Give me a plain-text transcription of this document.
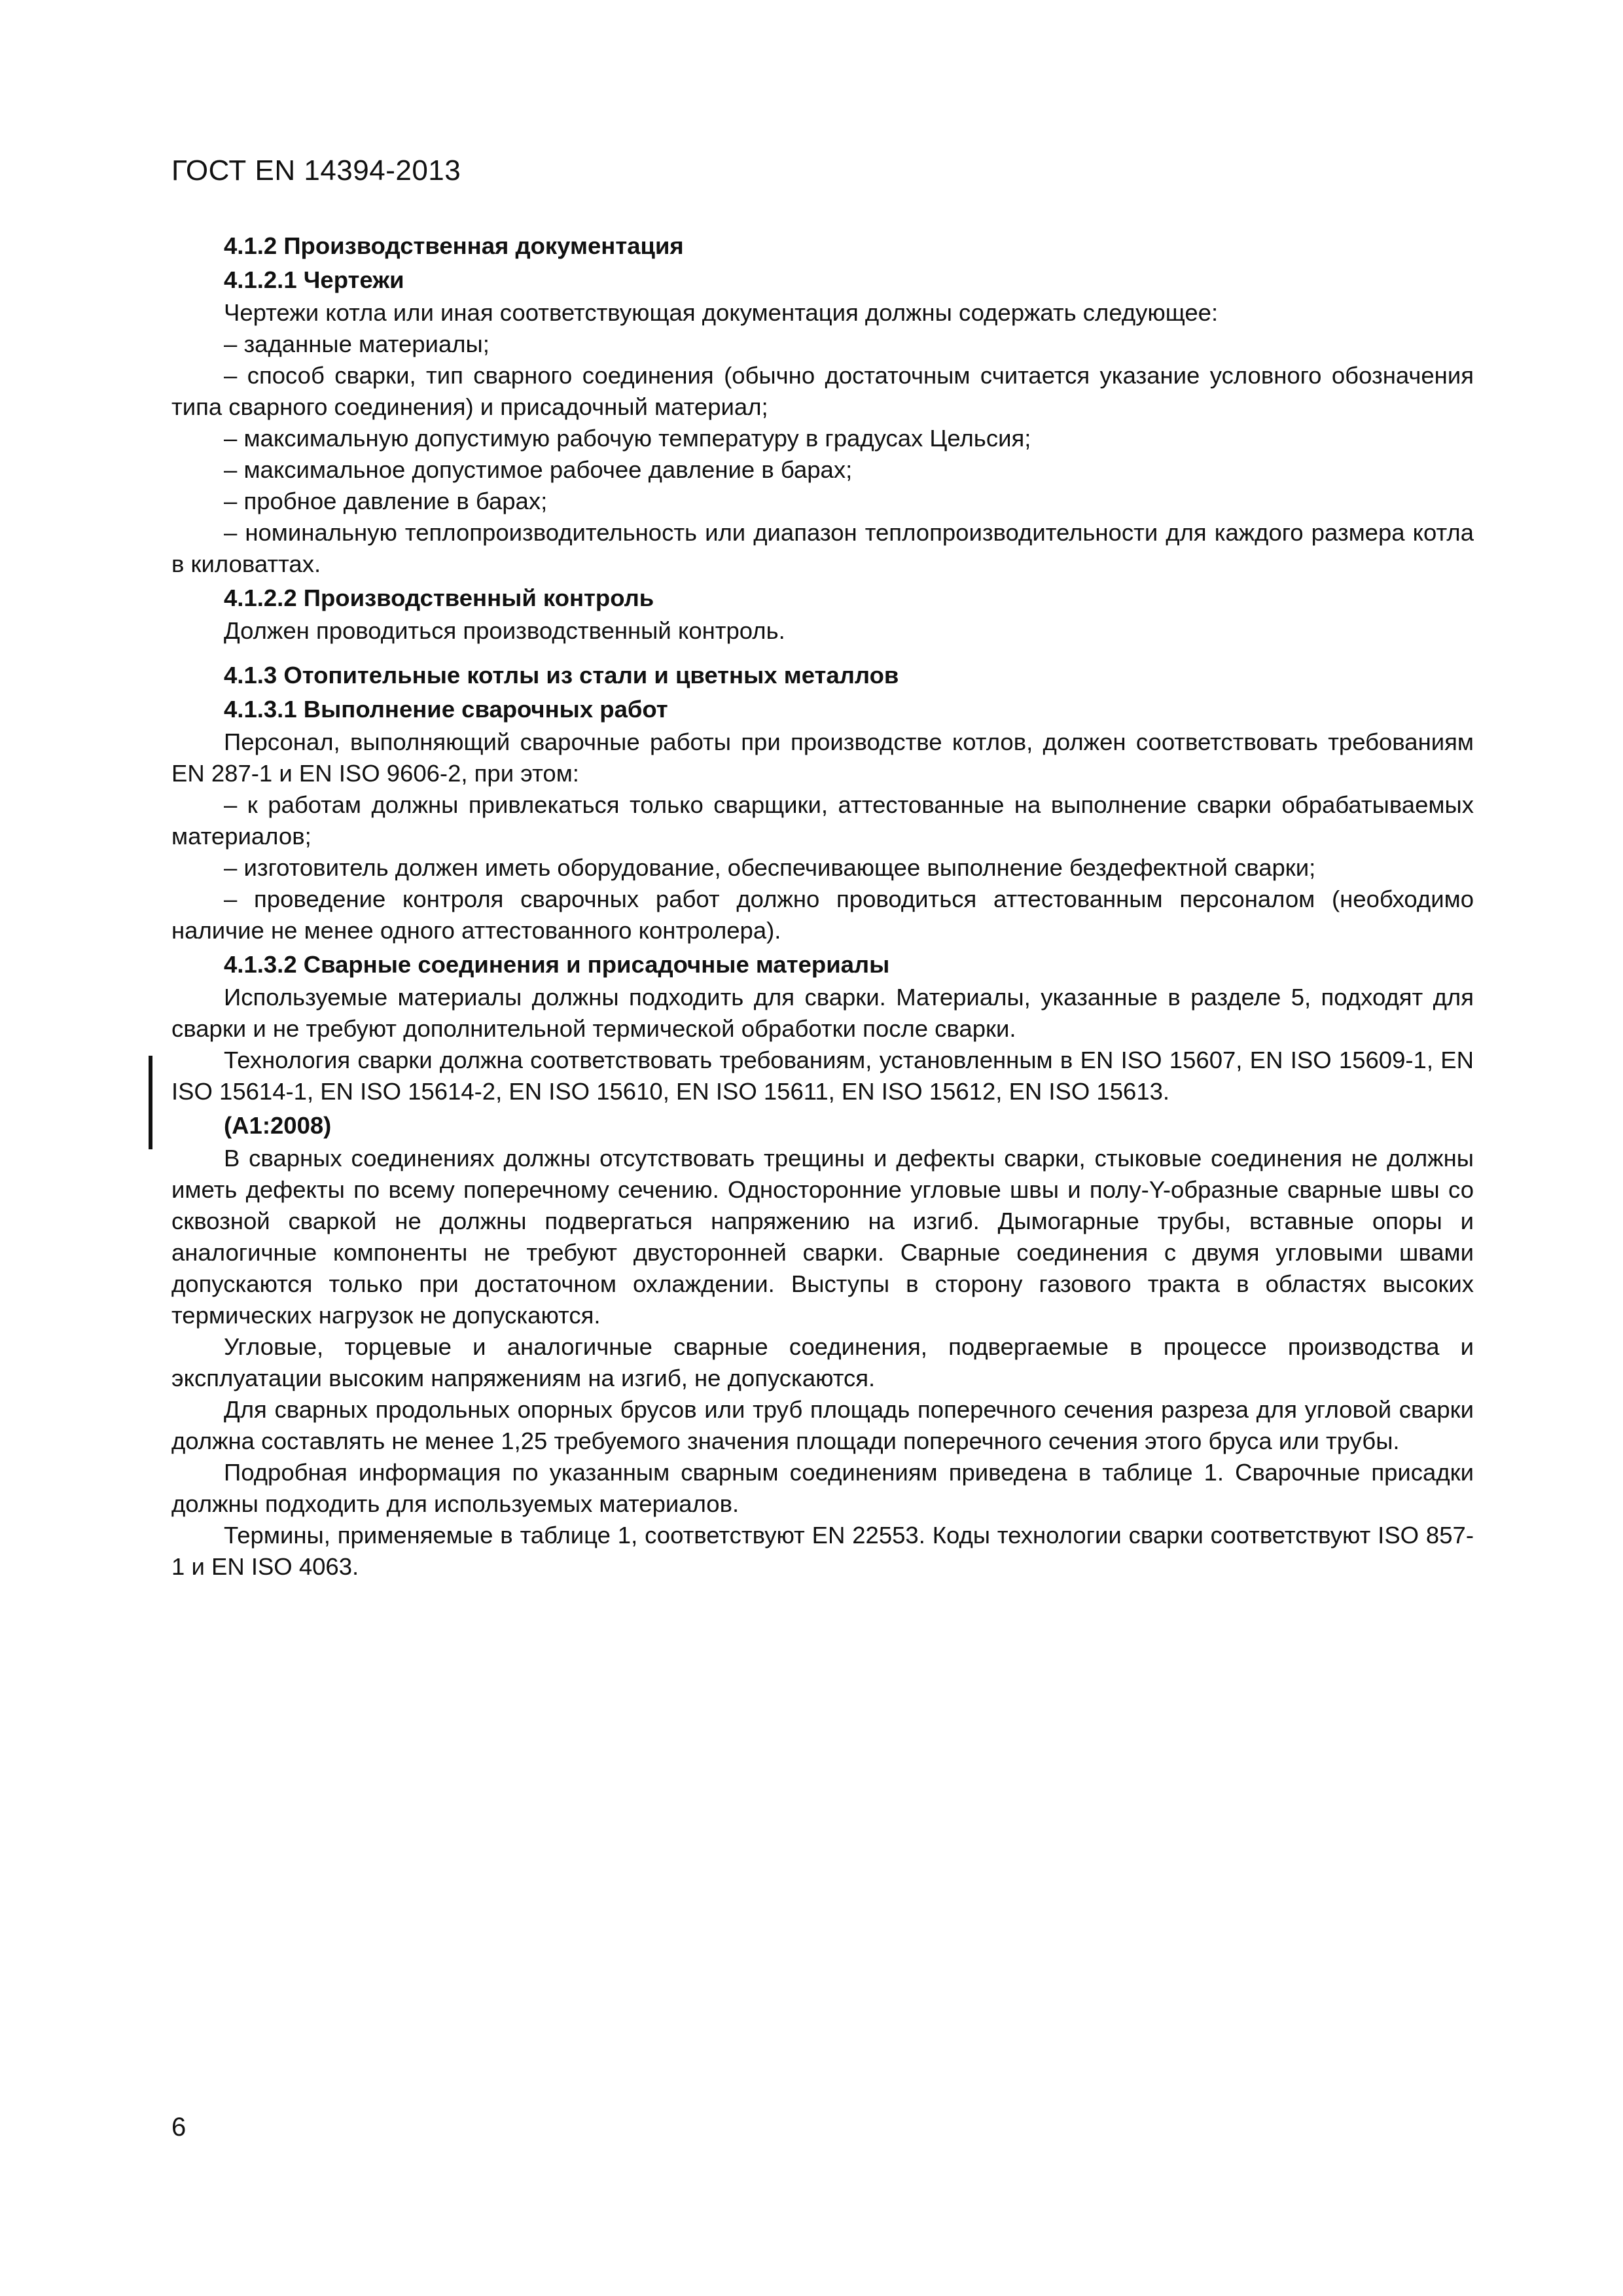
ГОСТ EN 14394-2013

4.1.2 Производственная документация

4.1.2.1 Чертежи

Чертежи котла или иная соответствующая документация должны содержать следующее:

– заданные материалы;

– способ сварки, тип сварного соединения (обычно достаточным считается указание условного обозначения типа сварного соединения) и присадочный материал;

– максимальную допустимую рабочую температуру в градусах Цельсия;

– максимальное допустимое рабочее давление в барах;

– пробное давление в барах;

– номинальную теплопроизводительность или диапазон теплопроизводительности для каждого размера котла в киловаттах.

4.1.2.2 Производственный контроль

Должен проводиться производственный контроль.

4.1.3 Отопительные котлы из стали и цветных металлов

4.1.3.1 Выполнение сварочных работ

Персонал, выполняющий сварочные работы при производстве котлов, должен соответствовать требованиям EN 287-1 и EN ISO 9606-2, при этом:

– к работам должны привлекаться только сварщики, аттестованные на выполнение сварки обрабатываемых материалов;

– изготовитель должен иметь оборудование, обеспечивающее выполнение бездефектной сварки;

– проведение контроля сварочных работ должно проводиться аттестованным персоналом (необходимо наличие не менее одного аттестованного контролера).

4.1.3.2 Сварные соединения и присадочные материалы

Используемые материалы должны подходить для сварки. Материалы, указанные в разделе 5, подходят для сварки и не требуют дополнительной термической обработки после сварки.

Технология сварки должна соответствовать требованиям, установленным в EN ISO 15607, EN ISO 15609-1, EN ISO 15614-1, EN ISO 15614-2, EN ISO 15610, EN ISO 15611, EN ISO 15612, EN ISO 15613.

(А1:2008)

В сварных соединениях должны отсутствовать трещины и дефекты сварки, стыковые соединения не должны иметь дефекты по всему поперечному сечению. Односторонние угловые швы и полу-Y-образные сварные швы со сквозной сваркой не должны подвергаться напряжению на изгиб. Дымогарные трубы, вставные опоры и аналогичные компоненты не требуют двусторонней сварки. Сварные соединения с двумя угловыми швами допускаются только при достаточном охлаждении. Выступы в сторону газового тракта в областях высоких термических нагрузок не допускаются.

Угловые, торцевые и аналогичные сварные соединения, подвергаемые в процессе производства и эксплуатации высоким напряжениям на изгиб, не допускаются.

Для сварных продольных опорных брусов или труб площадь поперечного сечения разреза для угловой сварки должна составлять не менее 1,25 требуемого значения площади поперечного сечения этого бруса или трубы.

Подробная информация по указанным сварным соединениям приведена в таблице 1. Сварочные присадки должны подходить для используемых материалов.

Термины, применяемые в таблице 1, соответствуют EN 22553. Коды технологии сварки соответствуют ISO 857-1 и EN ISO 4063.

6
